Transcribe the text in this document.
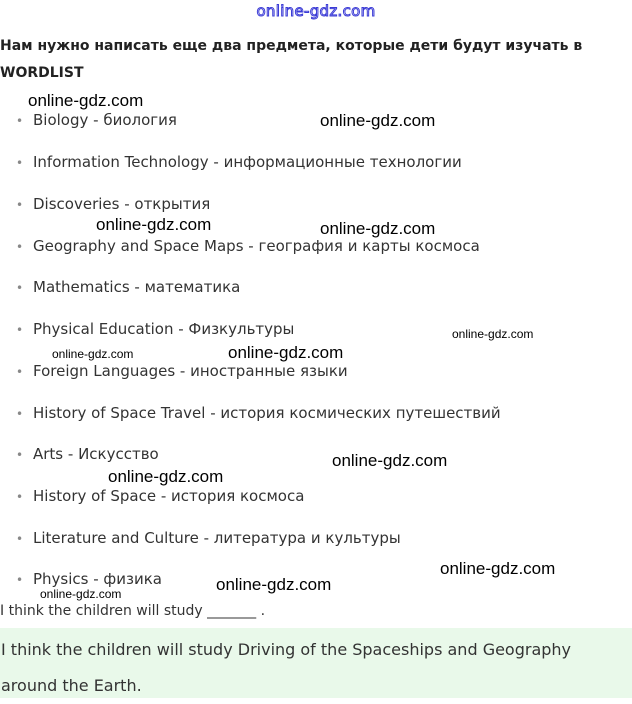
online-gdz.com
Нам нужно написать еще два предмета, которые дети будут изучать в WORDLIST
• Biology - биология
• Information Technology - информационные технологии
• Discoveries - открытия
• Geography and Space Maps - география и карты космоса
• Mathematics - математика
• Physical Education - Физкультуры
• Foreign Languages - иностранные языки
• History of Space Travel - история космических путешествий
• Arts - Искусство
• History of Space - история космоса
• Literature and Culture - литература и культуры
• Physics - физика
I think the children will study _______ .

I think the children will study Driving of the Spaceships and Geography around the Earth.

online-gdz.com
online-gdz.com
online-gdz.com	online-gdz.com
online-gdz.com
online-gdz.com	online-gdz.com
online-gdz.com
online-gdz.com
online-gdz.com
online-gdz.com
online-gdz.com
